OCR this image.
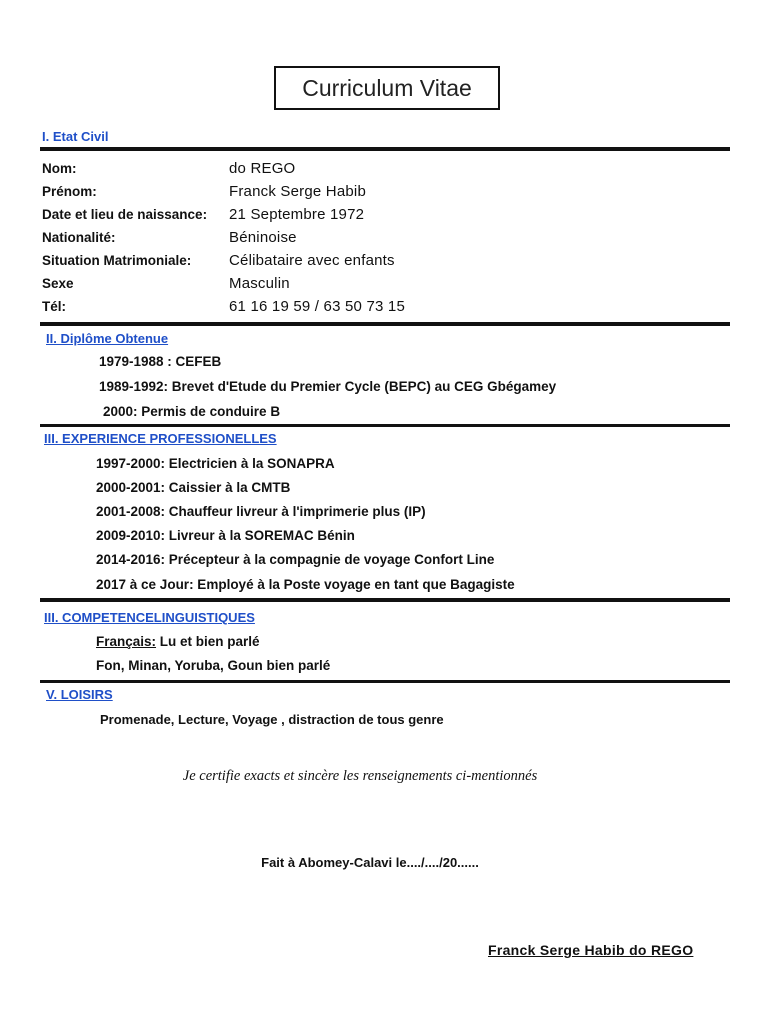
Curriculum Vitae
I. Etat Civil
Nom:	do REGO
Prénom:	Franck Serge Habib
Date et lieu de naissance: 21 Septembre 1972
Nationalité:	Béninoise
Situation Matrimoniale:	Célibataire avec enfants
Sexe	Masculin
Tél:	61 16 19 59 / 63 50 73 15
II. Diplôme Obtenue
1979-1988 : CEFEB
1989-1992: Brevet d'Etude du Premier Cycle (BEPC) au CEG Gbégamey
2000: Permis de conduire B
III. EXPERIENCE PROFESSIONELLES
1997-2000: Electricien à la SONAPRA
2000-2001: Caissier à la CMTB
2001-2008: Chauffeur livreur à l'imprimerie plus (IP)
2009-2010: Livreur à la SOREMAC Bénin
2014-2016: Précepteur à la compagnie de voyage Confort Line
2017 à ce Jour: Employé à la Poste voyage en tant que Bagagiste
III. COMPETENCELINGUISTIQUES
Français: Lu et bien parlé
Fon, Minan, Yoruba, Goun bien parlé
V. LOISIRS
Promenade, Lecture, Voyage , distraction de tous genre
Je certifie exacts et sincère les renseignements ci-mentionnés
Fait à Abomey-Calavi le..../..../20......
Franck Serge Habib do REGO
